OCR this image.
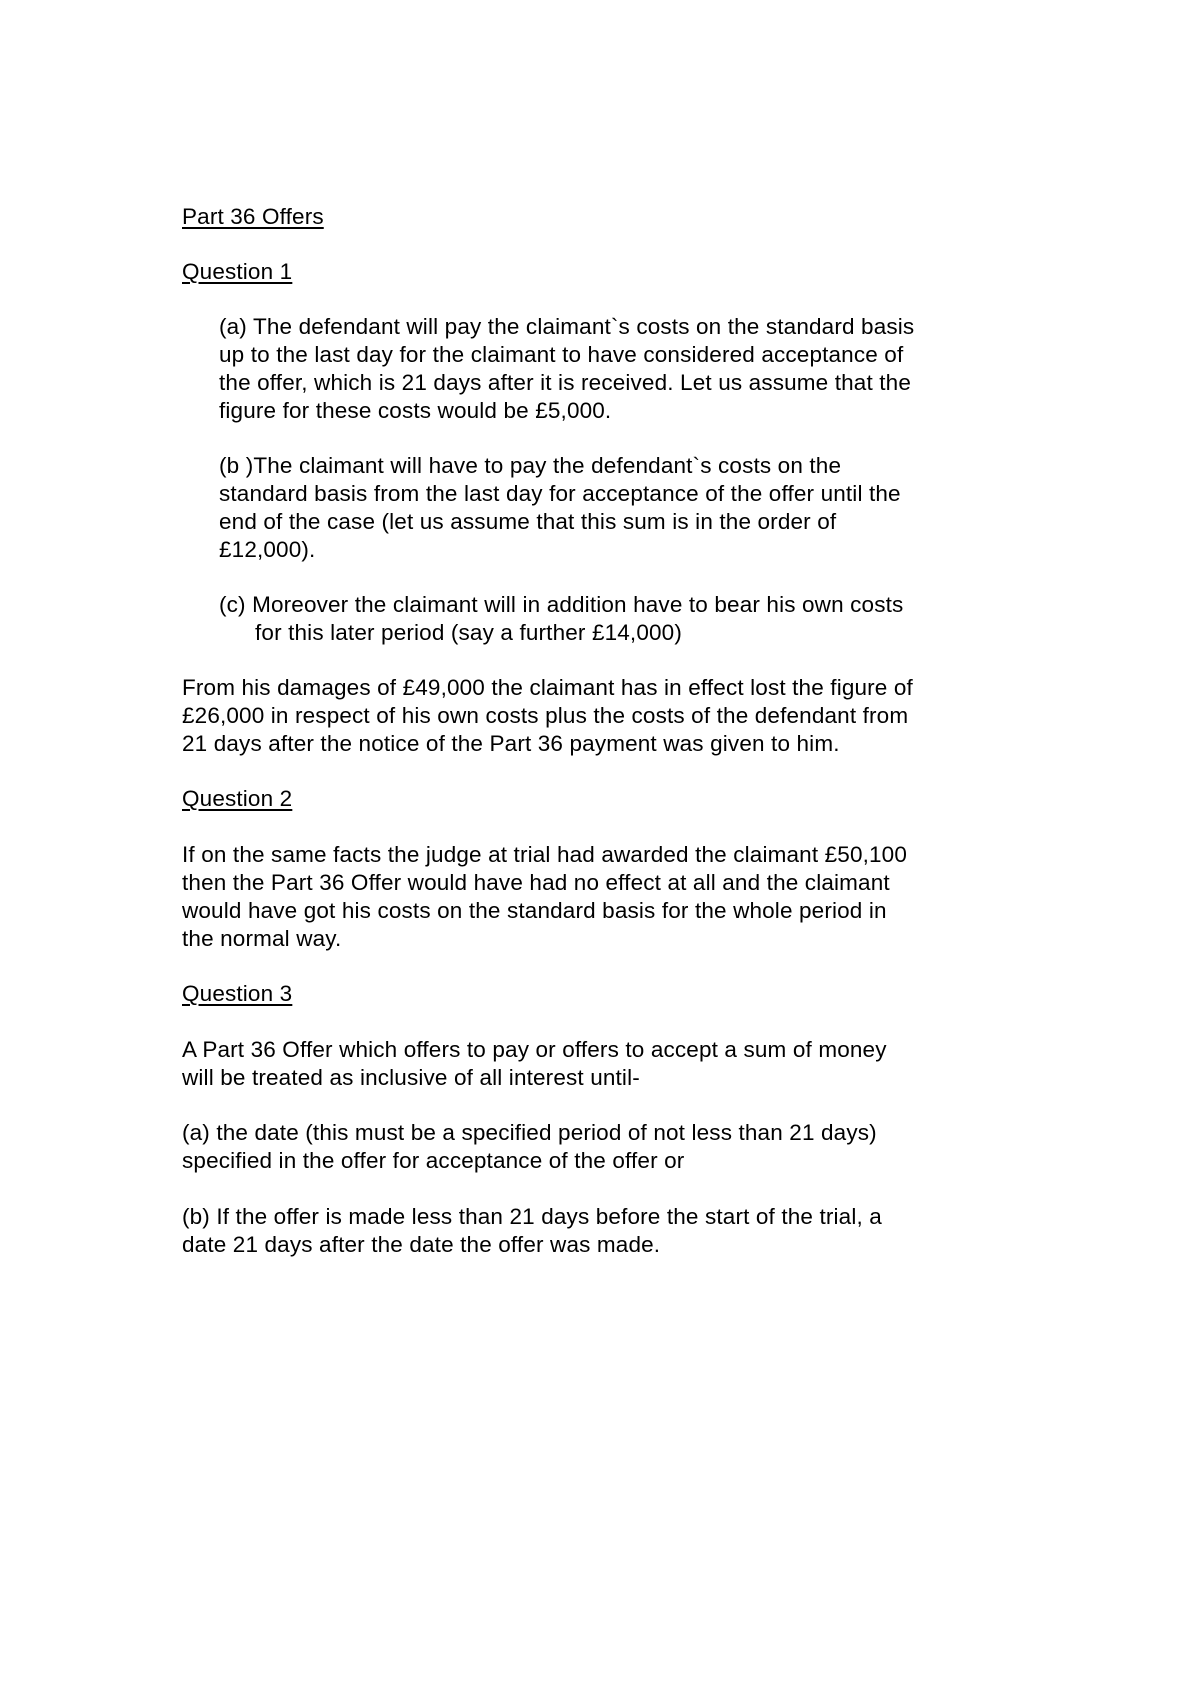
Part 36 Offers
Question 1
(a) The defendant will pay the claimant`s costs on the standard basis
up to the last day for the claimant to have considered acceptance of
the offer, which is 21 days after it is received. Let us assume that the
figure for these costs would be £5,000.
(b )The claimant will have to pay the defendant`s costs on the
standard basis from the last day for acceptance of the offer until the
end of the case (let us assume that this sum is in the order of
£12,000).
(c) Moreover the claimant will in addition have to bear his own costs
for this later period (say a further £14,000)
From his damages of £49,000 the claimant has in effect lost the figure of
£26,000 in respect of his own costs plus the costs of the defendant from
21 days after the notice of the Part 36 payment was given to him.
Question 2
If on the same facts the judge at trial had awarded the claimant £50,100
then the Part 36 Offer would have had no effect at all and the claimant
would have got his costs on the standard basis for the whole period in
the normal way.
Question 3
A Part 36 Offer which offers to pay or offers to accept a sum of money
will be treated as inclusive of all interest until-
(a) the date (this must be a specified period of not less than 21 days)
specified in the offer for acceptance of the offer or
(b) If the offer is made less than 21 days before the start of the trial, a
date 21 days after the date the offer was made.
